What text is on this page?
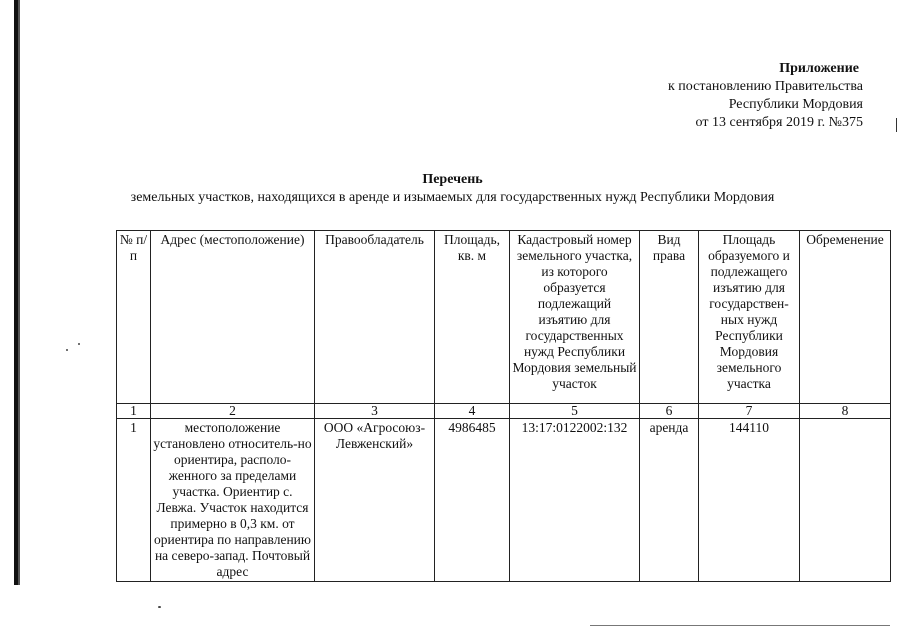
Приложение
к постановлению Правительства
Республики Мордовия
от 13 сентября 2019 г. №375
Перечень
земельных участков, находящихся в аренде и изымаемых для государственных нужд Республики Мордовия
№ п/п	Адрес (местоположение)	Правообладатель	Площадь, кв. м	Кадастровый номер земельного участка, из которого образуется подлежащий изъятию для государственных нужд Республики Мордовия земельный участок	Вид права	Площадь образуемого и подлежащего изъятию для государствен-ных нужд Республики Мордовия земельного участка	Обременение
1	2	3	4	5	6	7	8
1	местоположение установлено относитель-но ориентира, располо-женного за пределами участка. Ориентир с. Левжа. Участок находится примерно в 0,3 км. от ориентира по направлению на северо-запад. Почтовый адрес	ООО «Агросоюз-Левженский»	4986485	13:17:0122002:132	аренда	144110	
